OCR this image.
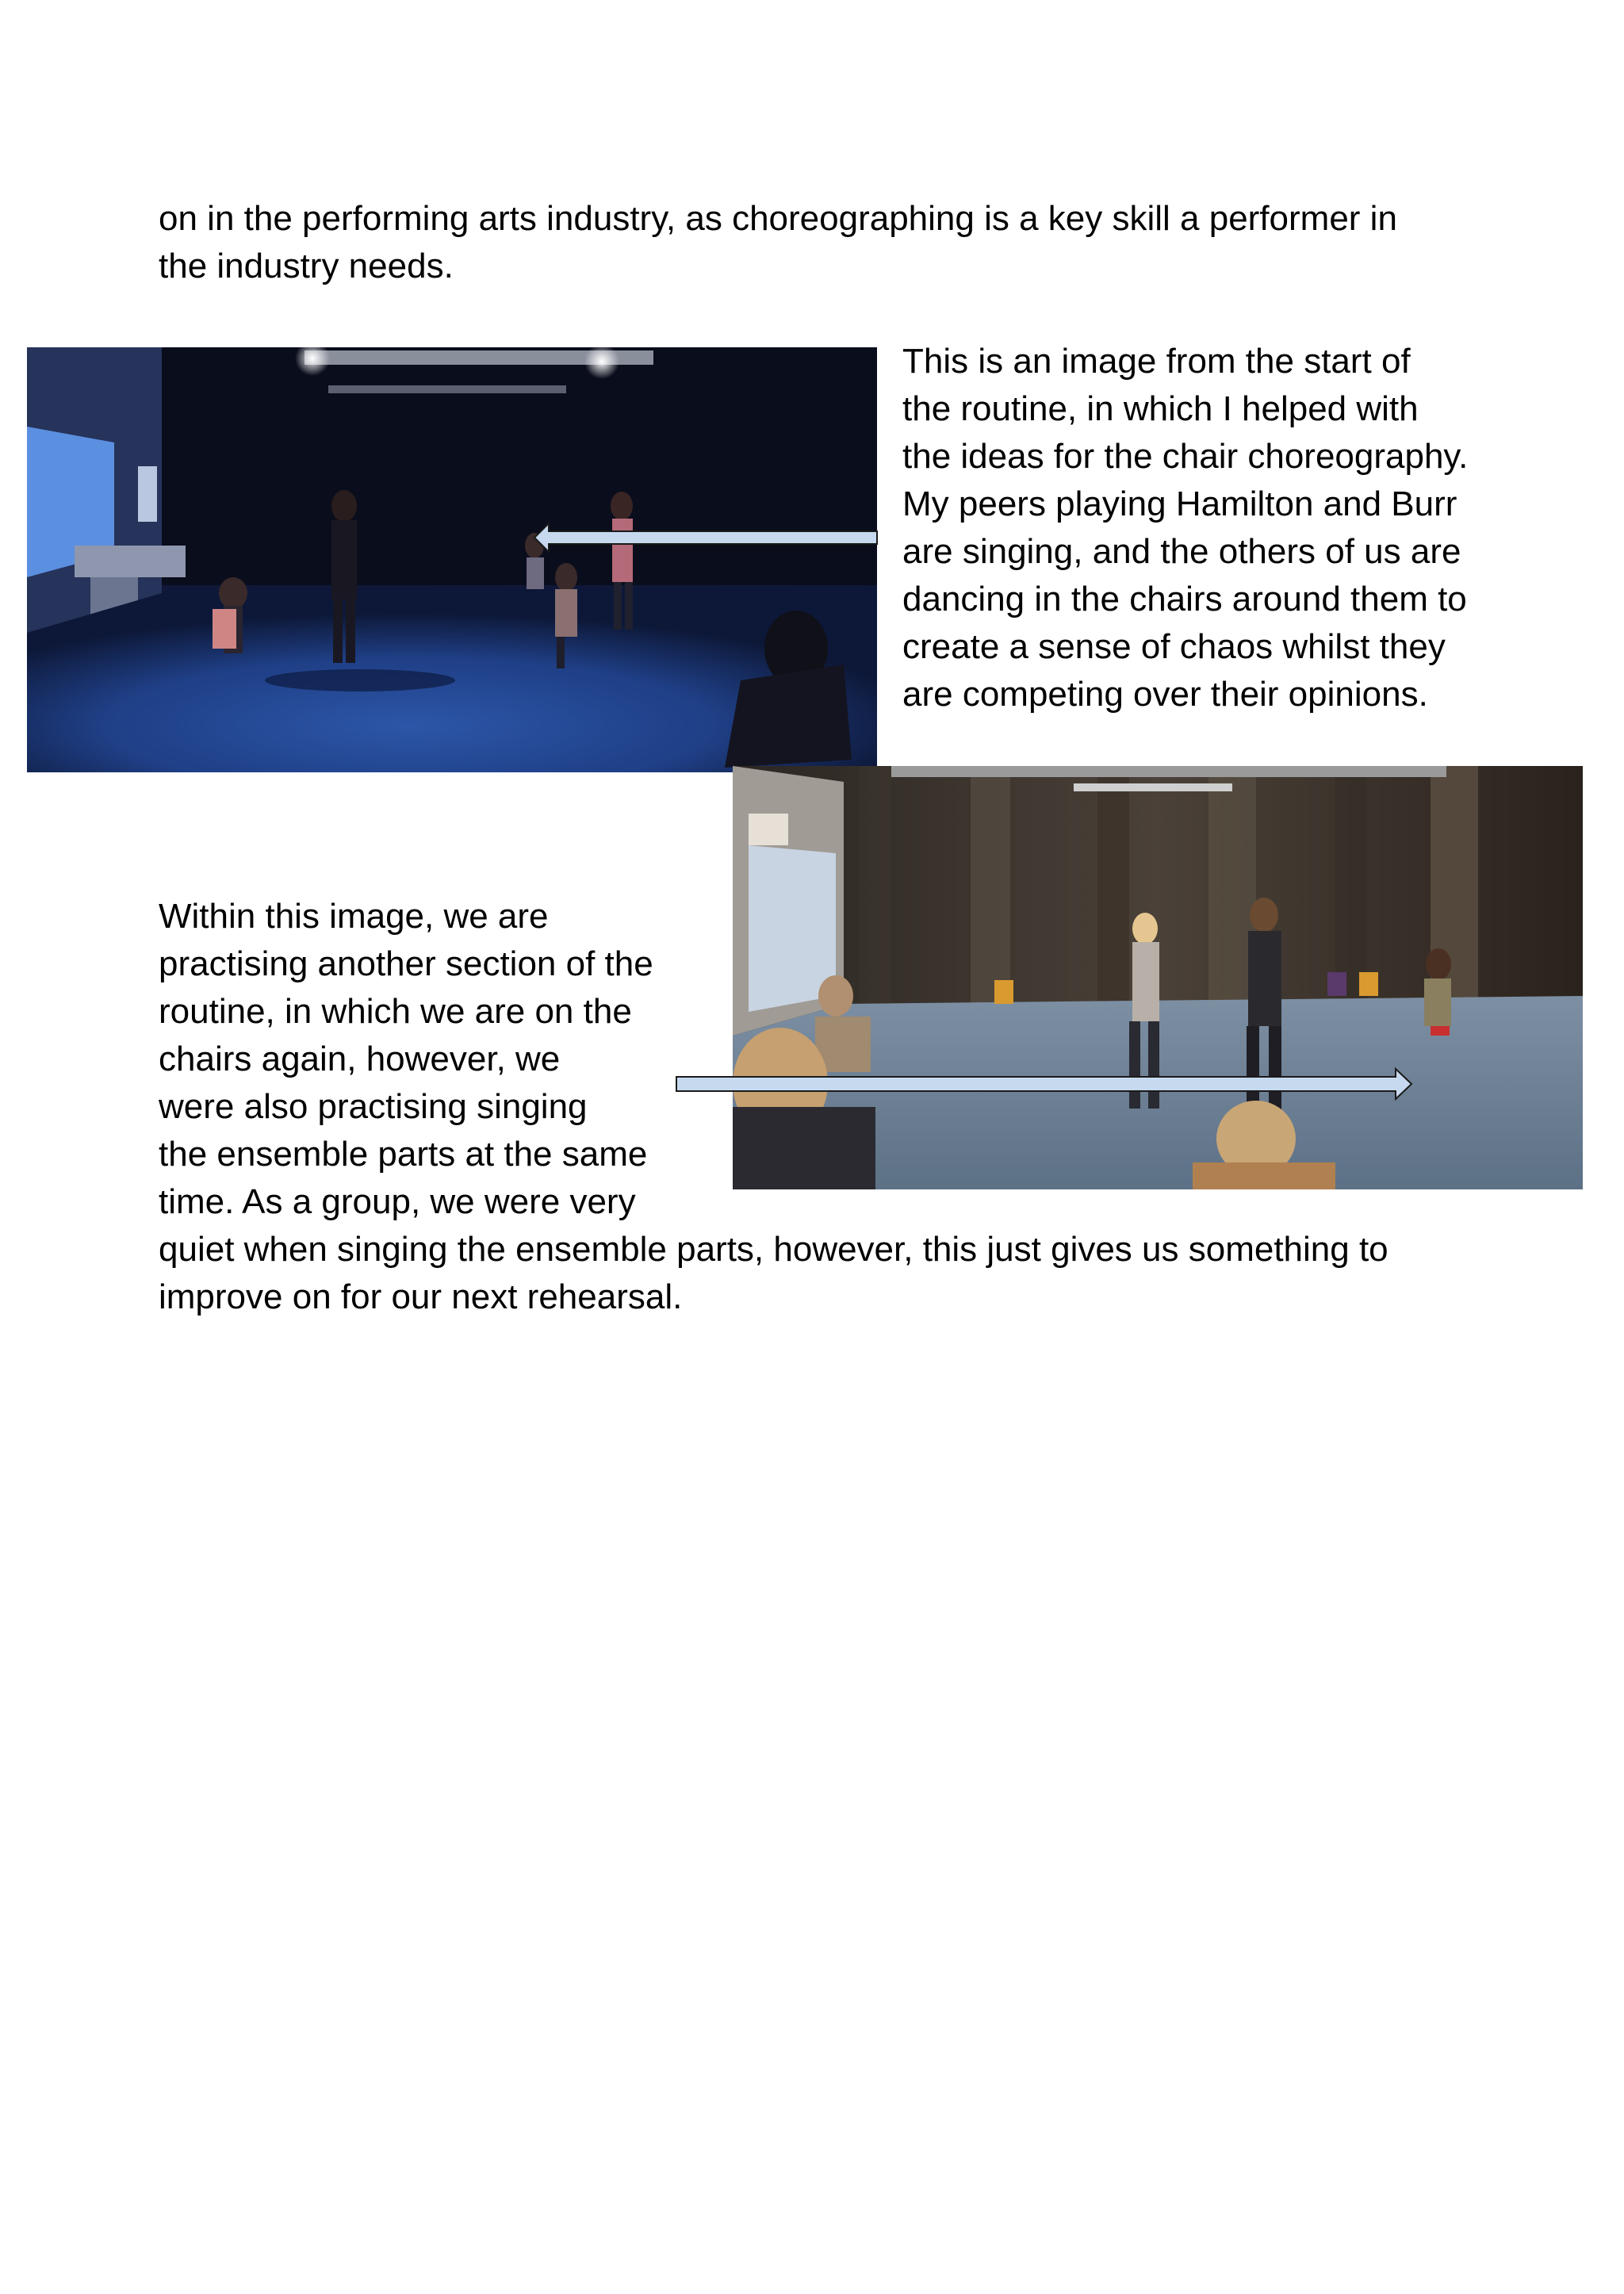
on in the performing arts industry, as choreographing is a key skill a performer in
the industry needs.
This is an image from the start of
the routine, in which I helped with
the ideas for the chair choreography.
My peers playing Hamilton and Burr
are singing, and the others of us are
dancing in the chairs around them to
create a sense of chaos whilst they
are competing over their opinions.
Within this image, we are
practising another section of the
routine, in which we are on the
chairs again, however, we
were also practising singing
the ensemble parts at the same
time. As a group, we were very
quiet when singing the ensemble parts, however, this just gives us something to
improve on for our next rehearsal.
